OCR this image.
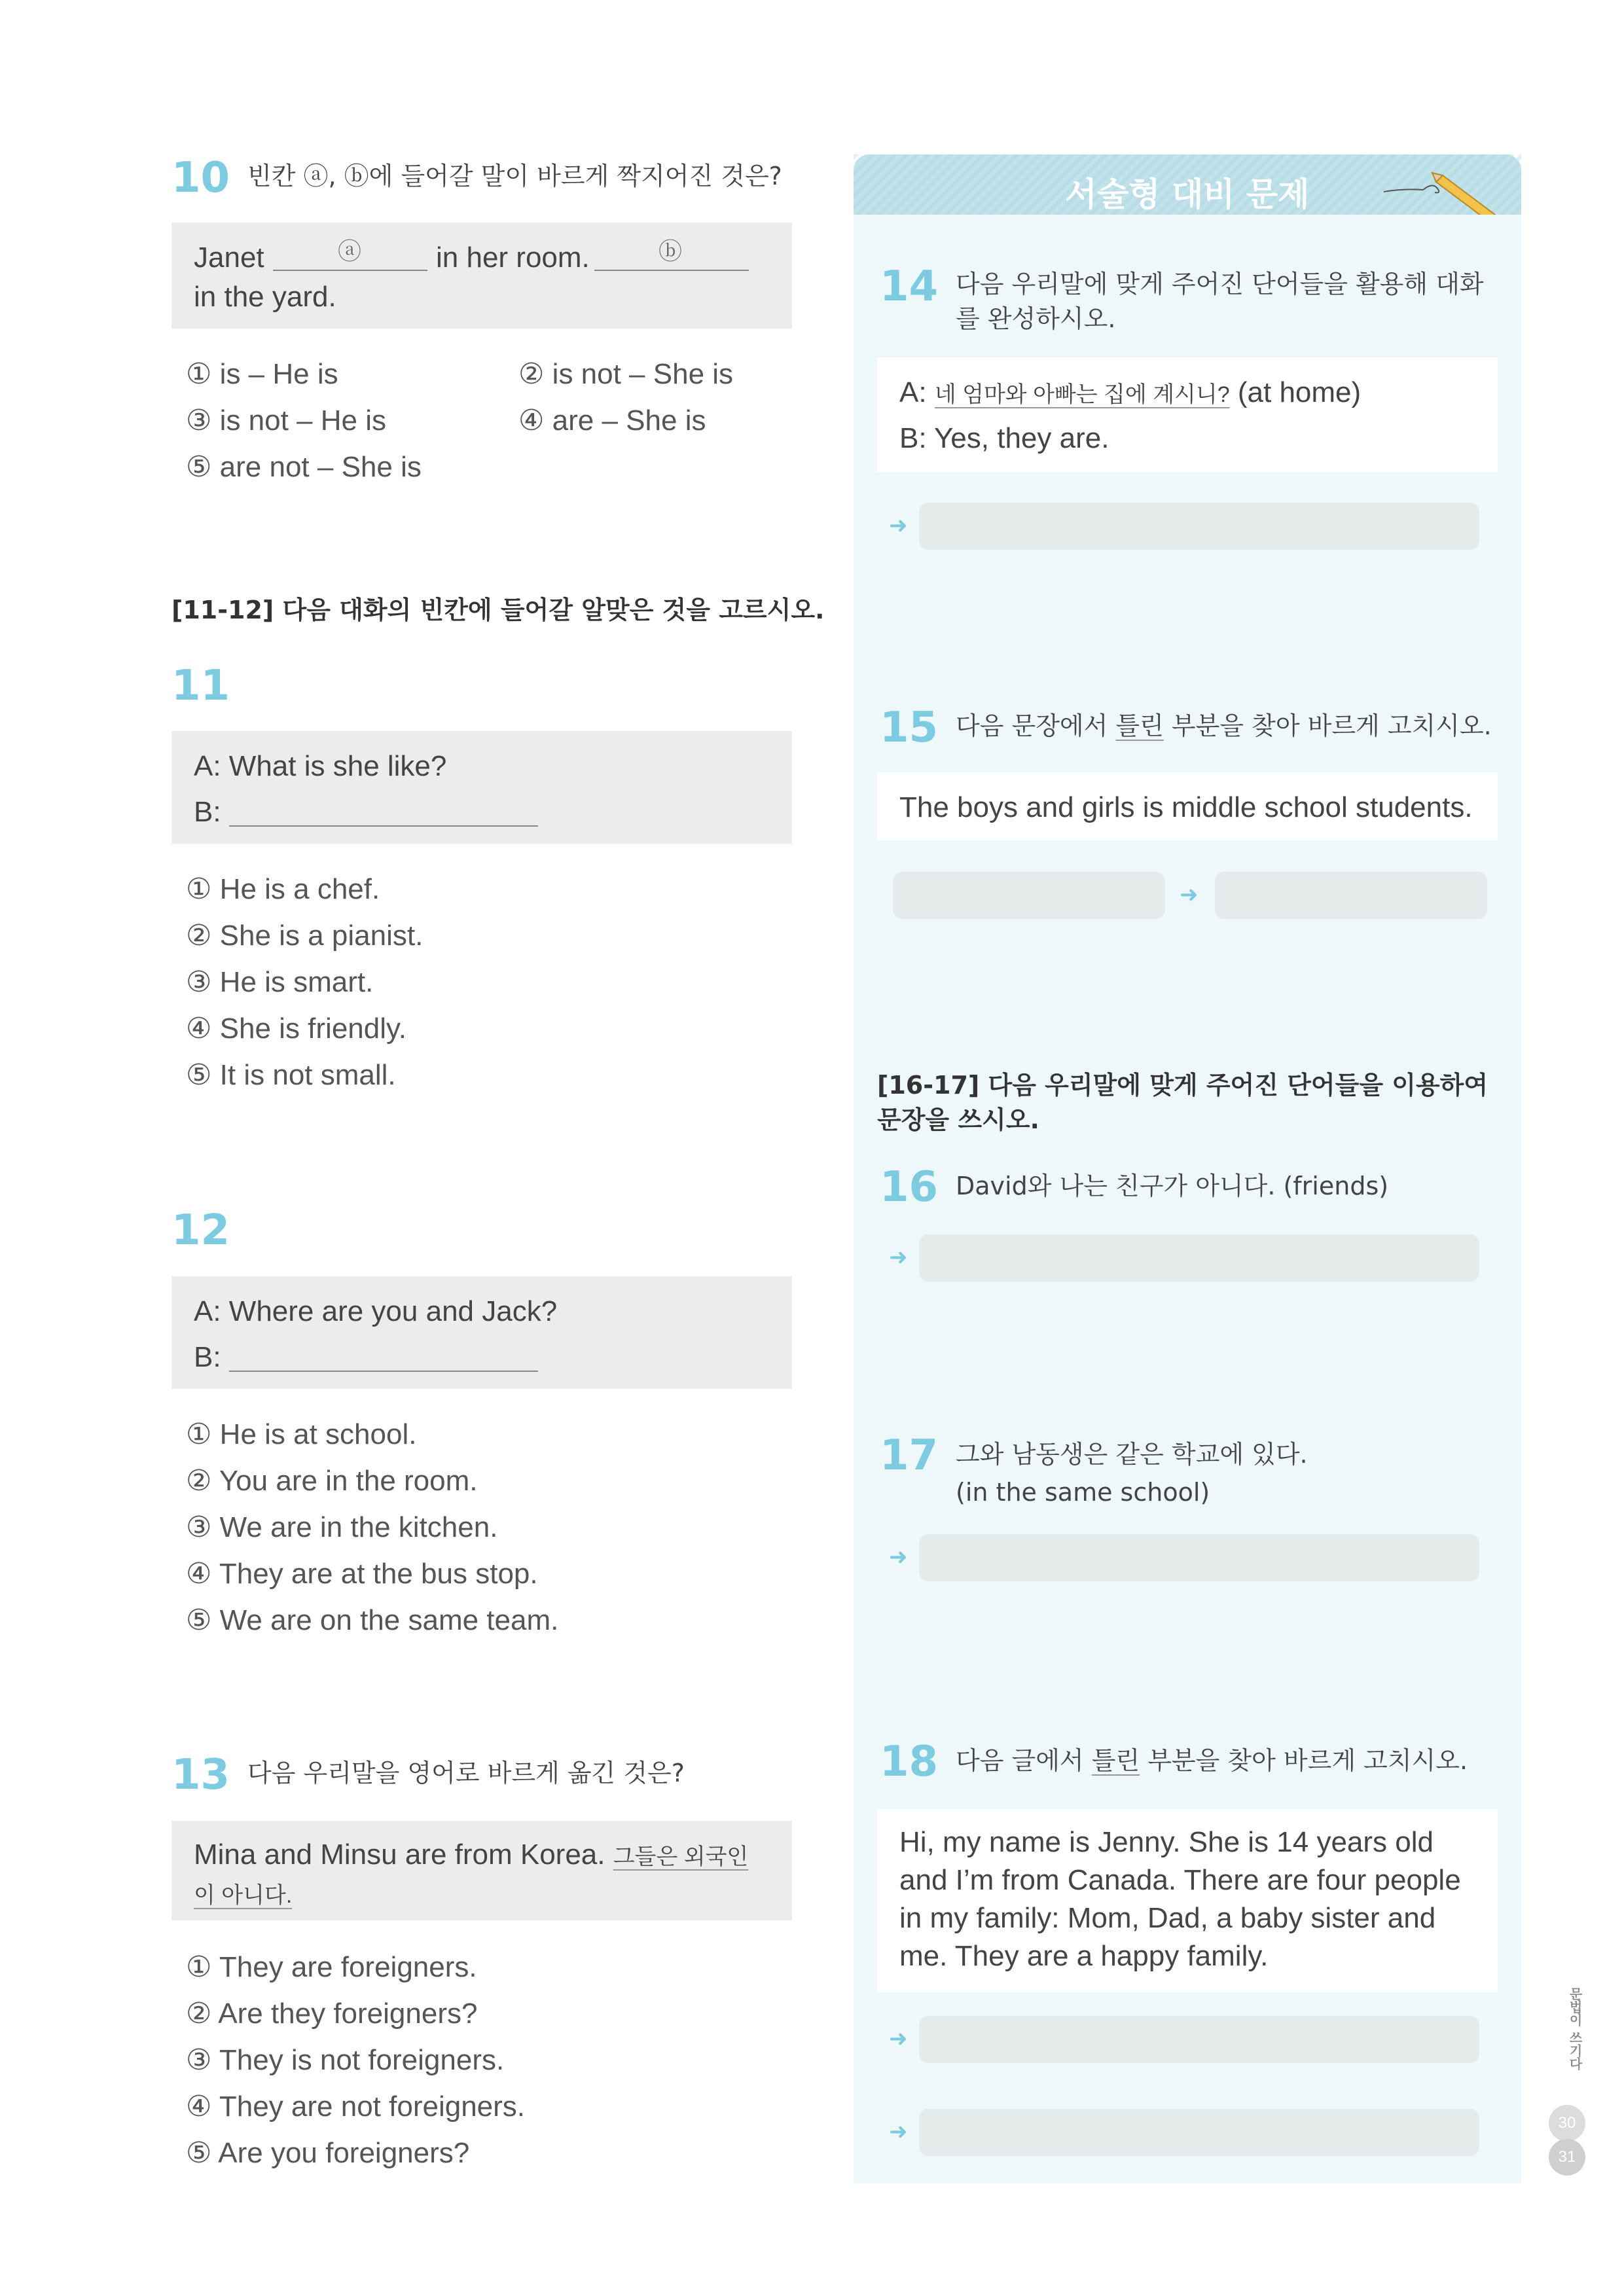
10 빈칸 ⓐ, ⓑ에 들어갈 말이 바르게 짝지어진 것은?
Janet	ⓐ	in her room.	ⓑ
in the yard.
① is – He is	② is not – She is
③ is not – He is	④ are – She is
⑤ are not – She is
[11-12] 다음 대화의 빈칸에 들어갈 알맞은 것을 고르시오.
11
A: What is she like?
B:
① He is a chef.
② She is a pianist.
③ He is smart.
④ She is friendly.
⑤ It is not small.
12
A: Where are you and Jack?
B:
① He is at school.
② You are in the room.
③ We are in the kitchen.
④ They are at the bus stop.
⑤ We are on the same team.
13 다음 우리말을 영어로 바르게 옮긴 것은?
Mina and Minsu are from Korea. 그들은 외국인이 아니다.
① They are foreigners.
② Are they foreigners?
③ They is not foreigners.
④ They are not foreigners.
⑤ Are you foreigners?
서술형 대비 문제
14 다음 우리말에 맞게 주어진 단어들을 활용해 대화를 완성하시오.
A: 네 엄마와 아빠는 집에 계시니? (at home)
B: Yes, they are.
➜
15 다음 문장에서 틀린 부분을 찾아 바르게 고치시오.
The boys and girls is middle school students.
➜
[16-17] 다음 우리말에 맞게 주어진 단어들을 이용하여 문장을 쓰시오.
16 David와 나는 친구가 아니다. (friends)
➜
17 그와 남동생은 같은 학교에 있다.
(in the same school)
➜
18 다음 글에서 틀린 부분을 찾아 바르게 고치시오.
Hi, my name is Jenny. She is 14 years old and I’m from Canada. There are four people in my family: Mom, Dad, a baby sister and me. They are a happy family.
➜
➜
문법이 쓰기다
30
31
